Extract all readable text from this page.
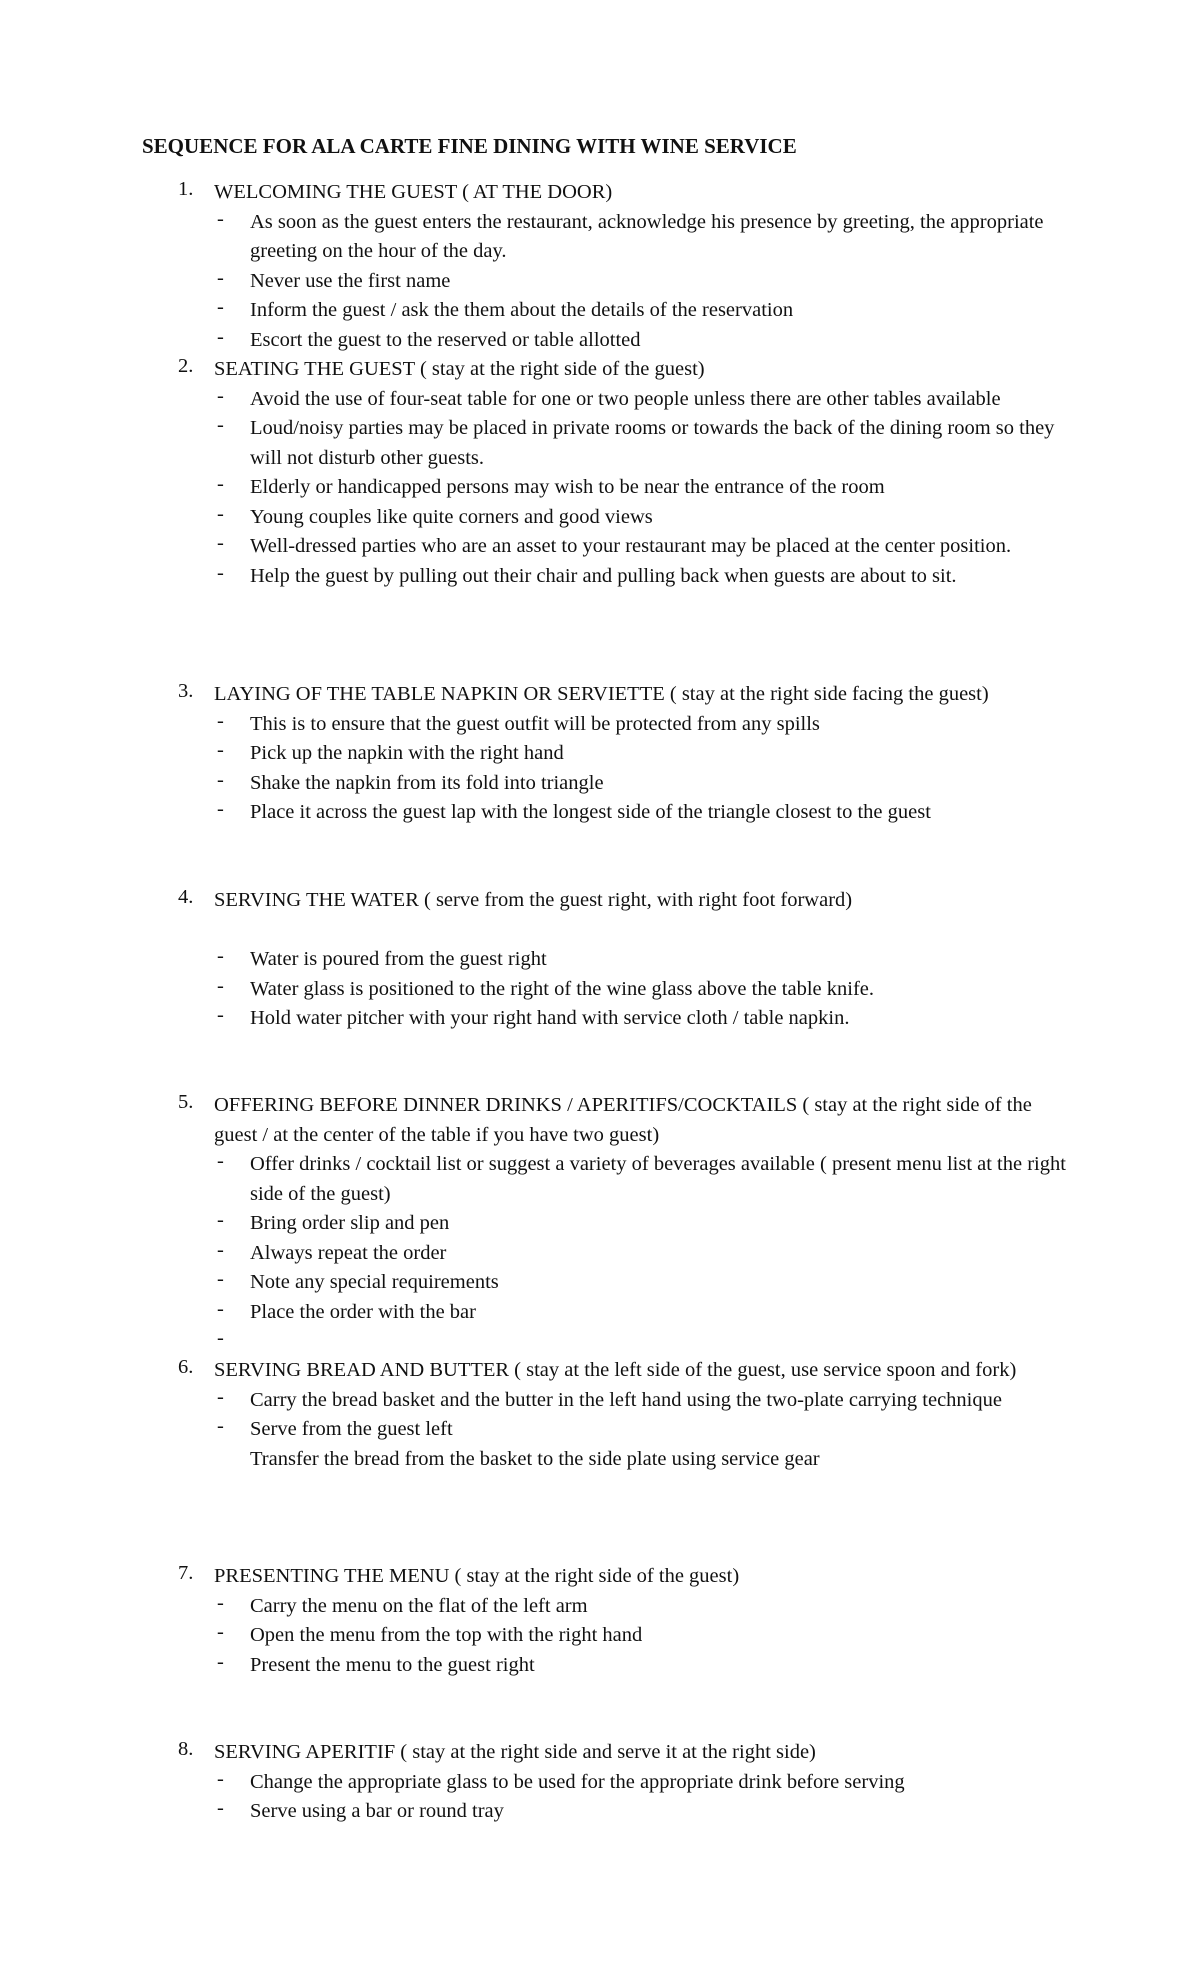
SEQUENCE FOR ALA CARTE FINE DINING WITH WINE SERVICE
1. WELCOMING THE GUEST ( AT THE DOOR)
- As soon as the guest enters the restaurant, acknowledge his presence by greeting, the appropriate greeting on the hour of the day.
- Never use the first name
- Inform the guest / ask the them about the details of the reservation
- Escort the guest to the reserved or table allotted
2. SEATING THE GUEST ( stay at the right side of the guest)
- Avoid the use of four-seat table for one or two people unless there are other tables available
- Loud/noisy parties may be placed in private rooms or towards the back of the dining room so they will not disturb other guests.
- Elderly or handicapped persons may wish to be near the entrance of the room
- Young couples like quite corners and good views
- Well-dressed parties who are an asset to your restaurant may be placed at the center position.
- Help the guest by pulling out their chair and pulling back when guests are about to sit.
3. LAYING OF THE TABLE NAPKIN OR SERVIETTE ( stay at the right side facing the guest)
- This is to ensure that the guest outfit will be protected from any spills
- Pick up the napkin with the right hand
- Shake the napkin from its fold into triangle
- Place it across the guest lap with the longest side of the triangle closest to the guest
4. SERVING THE WATER ( serve from the guest right, with right foot forward)
- Water is poured from the guest right
- Water glass is positioned to the right of the wine glass above the table knife.
- Hold water pitcher with your right hand with service cloth / table napkin.
5. OFFERING BEFORE DINNER DRINKS / APERITIFS/COCKTAILS ( stay at the right side of the guest / at the center of the table if you have two guest)
- Offer drinks / cocktail list or suggest a variety of beverages available ( present menu list at the right side of the guest)
- Bring order slip and pen
- Always repeat the order
- Note any special requirements
- Place the order with the bar
-
6. SERVING BREAD AND BUTTER ( stay at the left side of the guest, use service spoon and fork)
- Carry the bread basket and the butter in the left hand using the two-plate carrying technique
- Serve from the guest left
Transfer the bread from the basket to the side plate using service gear
7. PRESENTING THE MENU ( stay at the right side of the guest)
- Carry the menu on the flat of the left arm
- Open the menu from the top with the right hand
- Present the menu to the guest right
8. SERVING APERITIF ( stay at the right side and serve it at the right side)
- Change the appropriate glass to be used for the appropriate drink before serving
- Serve using a bar or round tray
